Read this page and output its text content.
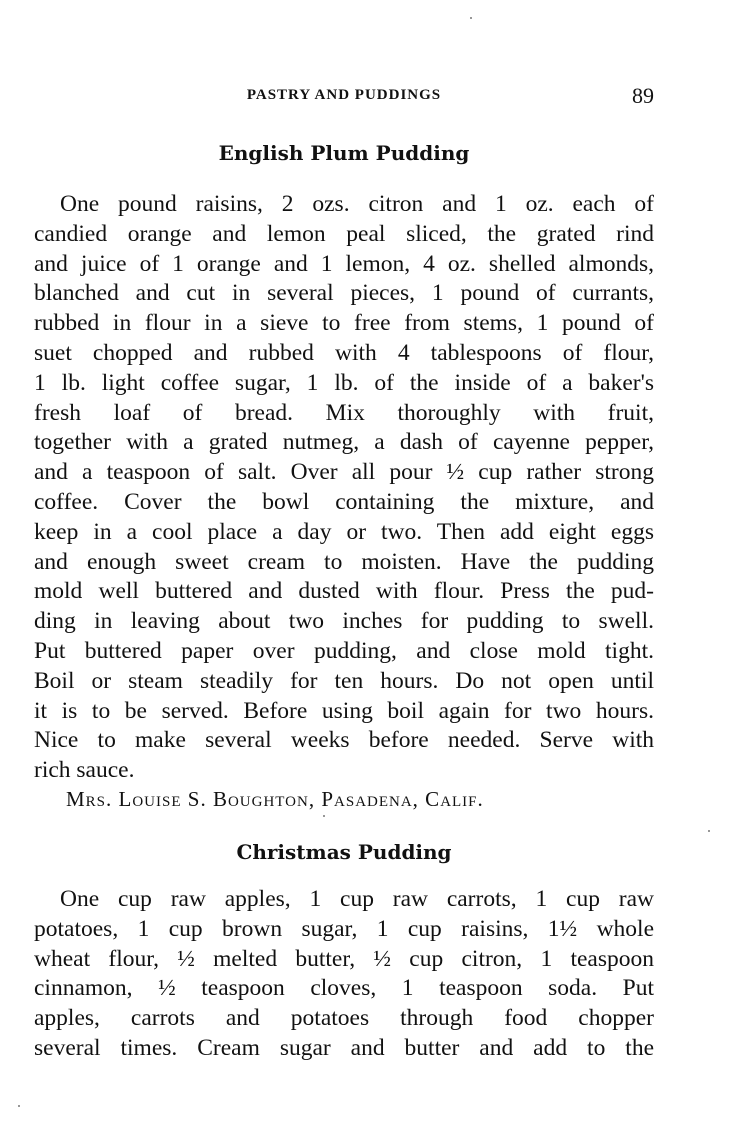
PASTRY AND PUDDINGS	89
English Plum Pudding
One pound raisins, 2 ozs. citron and 1 oz. each of
candied orange and lemon peal sliced, the grated rind
and juice of 1 orange and 1 lemon, 4 oz. shelled almonds,
blanched and cut in several pieces, 1 pound of currants,
rubbed in flour in a sieve to free from stems, 1 pound of
suet chopped and rubbed with 4 tablespoons of flour,
1 lb. light coffee sugar, 1 lb. of the inside of a baker's
fresh loaf of bread. Mix thoroughly with fruit,
together with a grated nutmeg, a dash of cayenne pepper,
and a teaspoon of salt. Over all pour ½ cup rather strong
coffee. Cover the bowl containing the mixture, and
keep in a cool place a day or two. Then add eight eggs
and enough sweet cream to moisten. Have the pudding
mold well buttered and dusted with flour. Press the pud-
ding in leaving about two inches for pudding to swell.
Put buttered paper over pudding, and close mold tight.
Boil or steam steadily for ten hours. Do not open until
it is to be served. Before using boil again for two hours.
Nice to make several weeks before needed. Serve with
rich sauce.
Mrs. Louise S. Boughton, Pasadena, Calif.
Christmas Pudding
One cup raw apples, 1 cup raw carrots, 1 cup raw
potatoes, 1 cup brown sugar, 1 cup raisins, 1½ whole
wheat flour, ½ melted butter, ½ cup citron, 1 teaspoon
cinnamon, ½ teaspoon cloves, 1 teaspoon soda. Put
apples, carrots and potatoes through food chopper
several times. Cream sugar and butter and add to the
